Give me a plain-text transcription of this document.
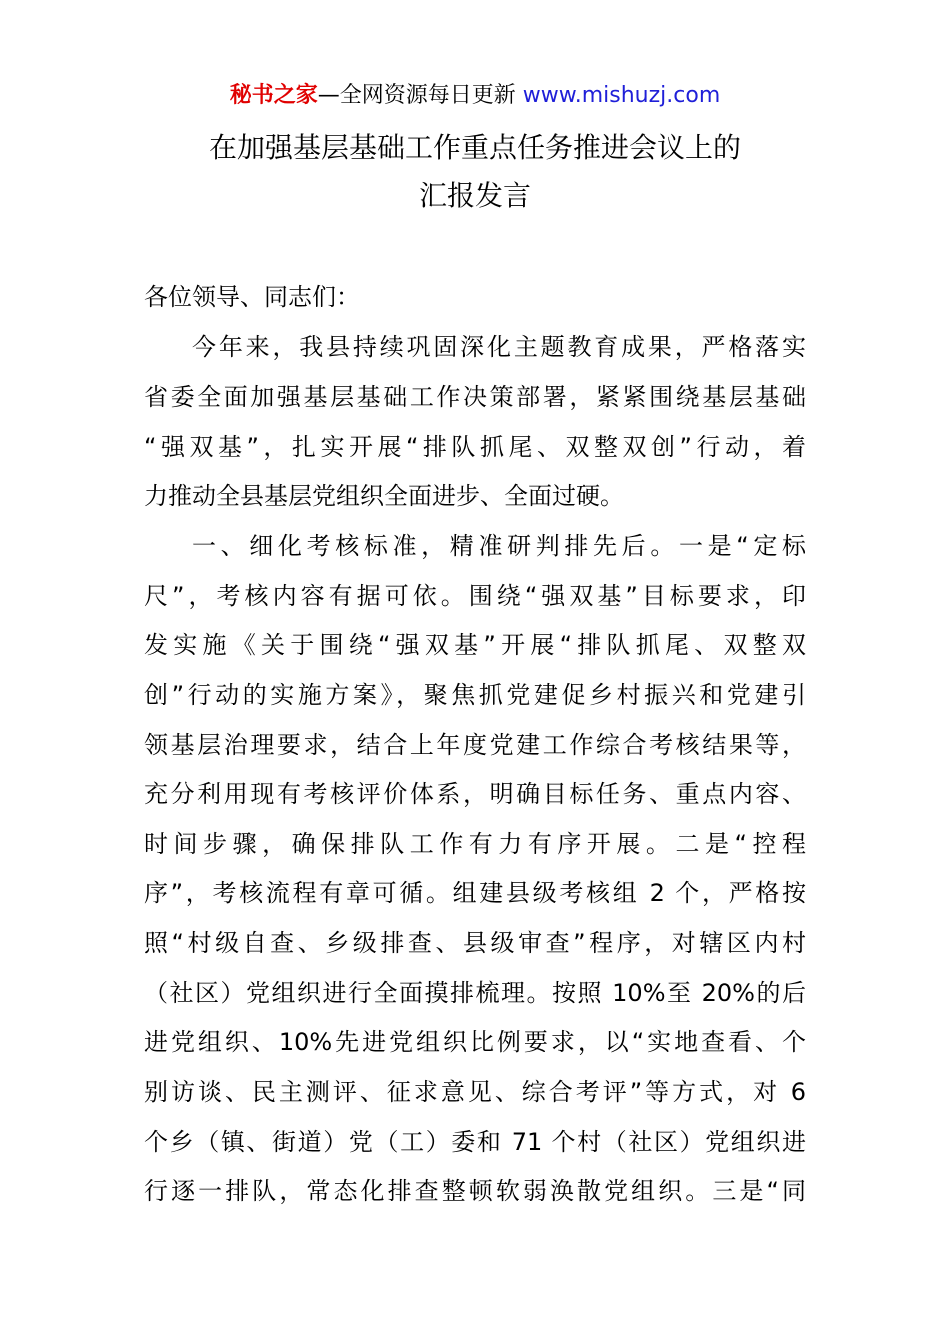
秘书之家—全网资源每日更新 www.mishuzj.com
在加强基层基础工作重点任务推进会议上的
汇报发言
各位领导、同志们：
今年来，我县持续巩固深化主题教育成果，严格落实
省委全面加强基层基础工作决策部署，紧紧围绕基层基础
“强双基”，扎实开展“排队抓尾、双整双创”行动，着
力推动全县基层党组织全面进步、全面过硬。
一、细化考核标准，精准研判排先后。一是“定标
尺”，考核内容有据可依。围绕“强双基”目标要求，印
发实施《关于围绕“强双基”开展“排队抓尾、双整双
创”行动的实施方案》，聚焦抓党建促乡村振兴和党建引
领基层治理要求，结合上年度党建工作综合考核结果等，
充分利用现有考核评价体系，明确目标任务、重点内容、
时间步骤，确保排队工作有力有序开展。二是“控程
序”，考核流程有章可循。组建县级考核组 2 个，严格按
照“村级自查、乡级排查、县级审查”程序，对辖区内村
（社区）党组织进行全面摸排梳理。按照 10%至 20%的后
进党组织、10%先进党组织比例要求，以“实地查看、个
别访谈、民主测评、征求意见、综合考评”等方式，对 6
个乡（镇、街道）党（工）委和 71 个村（社区）党组织进
行逐一排队，常态化排查整顿软弱涣散党组织。三是“同
